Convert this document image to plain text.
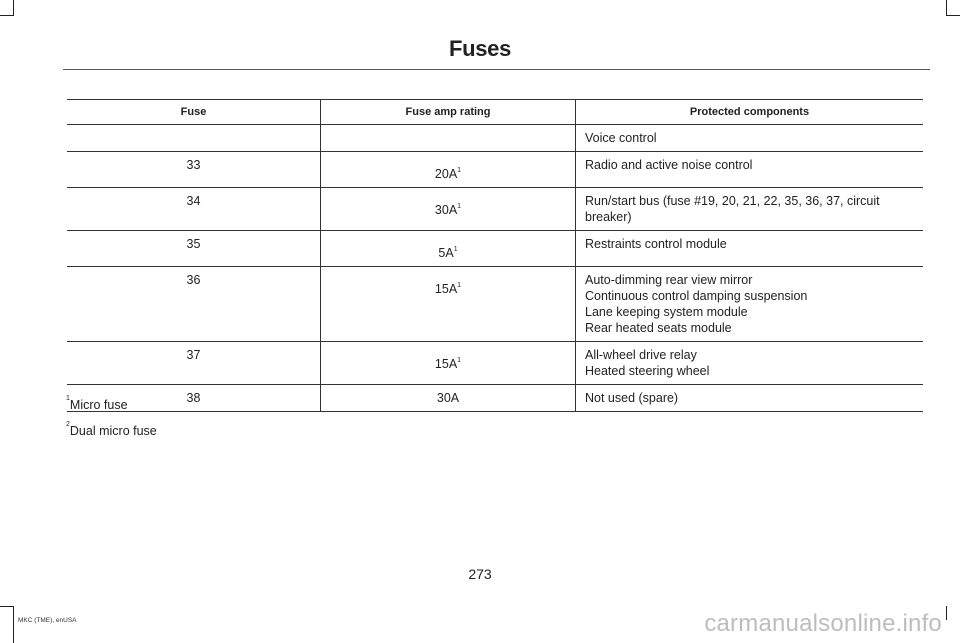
Fuses
Fuse	Fuse amp rating	Protected components

		Voice control

33	20A$^1$	Radio and active noise control

34	30A$^1$	Run/start bus (fuse #19, 20, 21, 22, 35, 36, 37, circuit breaker)

35	5A$^1$	Restraints control module

36	15A$^1$	Auto-dimming rear view mirror
Continuous control damping suspension
Lane keeping system module
Rear heated seats module

37	15A$^1$	All-wheel drive relay
Heated steering wheel

38	30A	Not used (spare)
$^1$Micro fuse
$^2$Dual micro fuse
273
MKC (TME), enUSA	carmanualsonline.info
